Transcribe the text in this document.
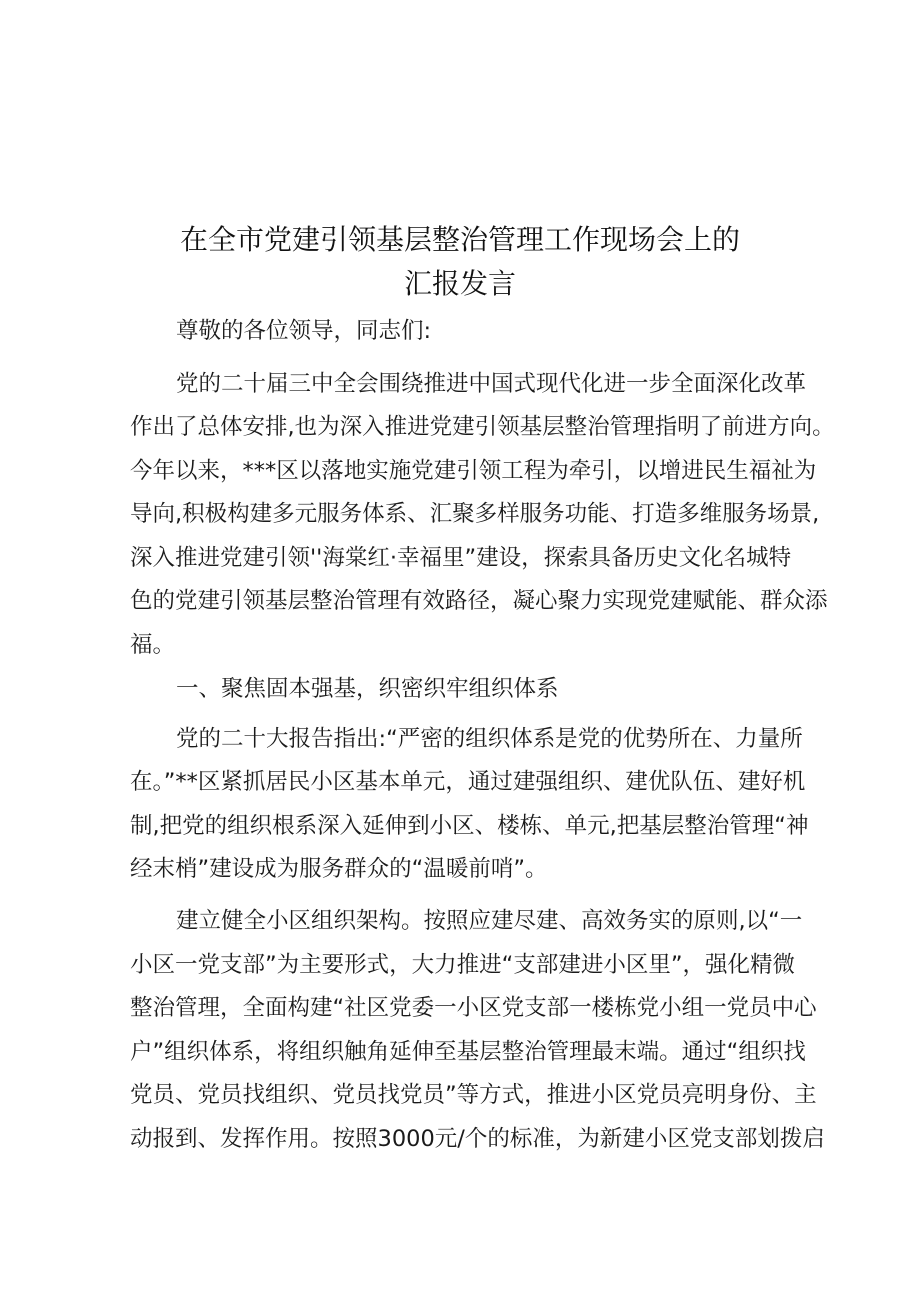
在全市党建引领基层整治管理工作现场会上的
汇报发言
尊敬的各位领导，同志们:
党的二十届三中全会围绕推进中国式现代化进一步全面深化改革
作出了总体安排,也为深入推进党建引领基层整治管理指明了前进方向。
今年以来，***区以落地实施党建引领工程为牵引，以增进民生福祉为
导向,积极构建多元服务体系、汇聚多样服务功能、打造多维服务场景,
深入推进党建引领''海棠红·幸福里”建设，探索具备历史文化名城特
色的党建引领基层整治管理有效路径，凝心聚力实现党建赋能、群众添
福。
一、聚焦固本强基，织密织牢组织体系
党的二十大报告指出:“严密的组织体系是党的优势所在、力量所
在。”**区紧抓居民小区基本单元，通过建强组织、建优队伍、建好机
制,把党的组织根系深入延伸到小区、楼栋、单元,把基层整治管理“神
经末梢”建设成为服务群众的“温暖前哨”。
建立健全小区组织架构。按照应建尽建、高效务实的原则,以“一
小区一党支部”为主要形式，大力推进“支部建进小区里”，强化精微
整治管理，全面构建“社区党委一小区党支部一楼栋党小组一党员中心
户”组织体系，将组织触角延伸至基层整治管理最末端。通过“组织找
党员、党员找组织、党员找党员”等方式，推进小区党员亮明身份、主
动报到、发挥作用。按照3000元/个的标准，为新建小区党支部划拨启
